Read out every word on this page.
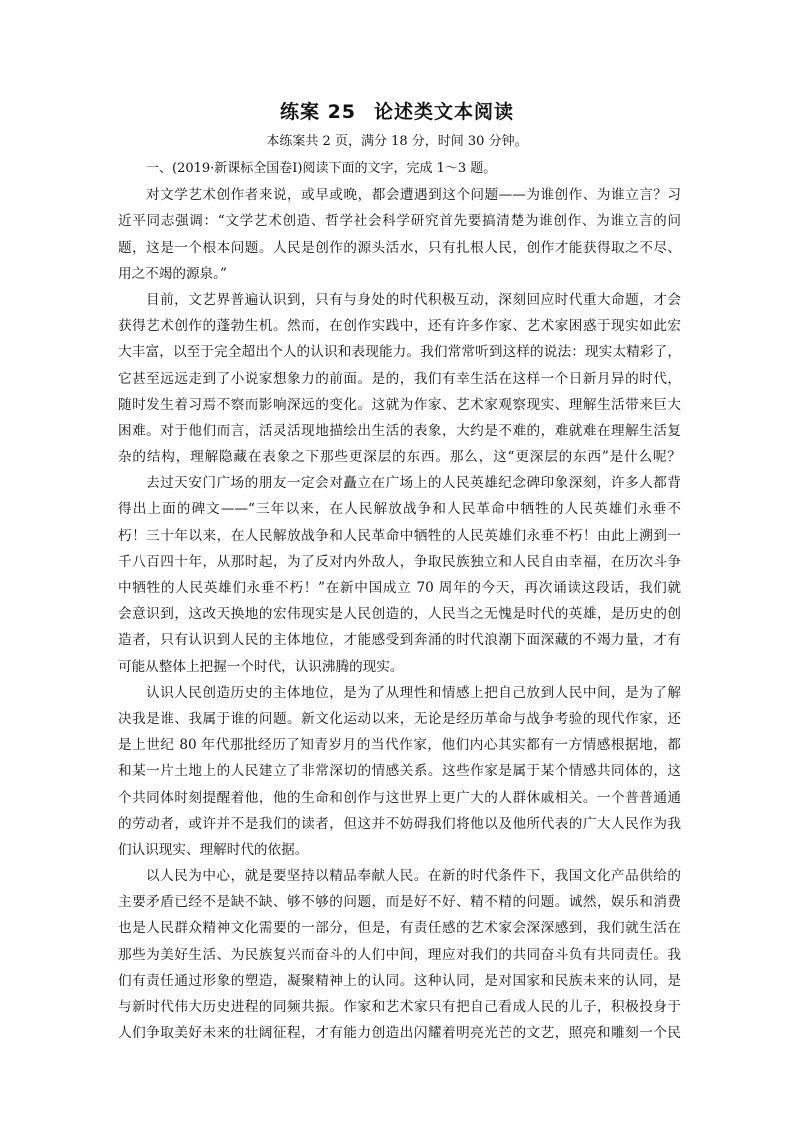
练案 25 论述类文本阅读
本练案共 2 页，满分 18 分，时间 30 分钟。
一、(2019·新课标全国卷Ⅰ)阅读下面的文字，完成 1～3 题。
对文学艺术创作者来说，或早或晚，都会遭遇到这个问题——为谁创作、为谁立言？习
近平同志强调：“文学艺术创造、哲学社会科学研究首先要搞清楚为谁创作、为谁立言的问
题，这是一个根本问题。人民是创作的源头活水，只有扎根人民，创作才能获得取之不尽、
用之不竭的源泉。”
目前，文艺界普遍认识到，只有与身处的时代积极互动，深刻回应时代重大命题，才会
获得艺术创作的蓬勃生机。然而，在创作实践中，还有许多作家、艺术家困惑于现实如此宏
大丰富，以至于完全超出个人的认识和表现能力。我们常常听到这样的说法：现实太精彩了，
它甚至远远走到了小说家想象力的前面。是的，我们有幸生活在这样一个日新月异的时代，
随时发生着习焉不察而影响深远的变化。这就为作家、艺术家观察现实、理解生活带来巨大
困难。对于他们而言，活灵活现地描绘出生活的表象，大约是不难的，难就难在理解生活复
杂的结构，理解隐藏在表象之下那些更深层的东西。那么，这“更深层的东西”是什么呢？
去过天安门广场的朋友一定会对矗立在广场上的人民英雄纪念碑印象深刻，许多人都背
得出上面的碑文——“三年以来，在人民解放战争和人民革命中牺牲的人民英雄们永垂不
朽！三十年以来，在人民解放战争和人民革命中牺牲的人民英雄们永垂不朽！由此上溯到一
千八百四十年，从那时起，为了反对内外敌人，争取民族独立和人民自由幸福，在历次斗争
中牺牲的人民英雄们永垂不朽！”在新中国成立 70 周年的今天，再次诵读这段话，我们就
会意识到，这改天换地的宏伟现实是人民创造的，人民当之无愧是时代的英雄，是历史的创
造者，只有认识到人民的主体地位，才能感受到奔涌的时代浪潮下面深藏的不竭力量，才有
可能从整体上把握一个时代，认识沸腾的现实。
认识人民创造历史的主体地位，是为了从理性和情感上把自己放到人民中间，是为了解
决我是谁、我属于谁的问题。新文化运动以来，无论是经历革命与战争考验的现代作家，还
是上世纪 80 年代那批经历了知青岁月的当代作家，他们内心其实都有一方情感根据地，都
和某一片土地上的人民建立了非常深切的情感关系。这些作家是属于某个情感共同体的，这
个共同体时刻提醒着他，他的生命和创作与这世界上更广大的人群休戚相关。一个普普通通
的劳动者，或许并不是我们的读者，但这并不妨碍我们将他以及他所代表的广大人民作为我
们认识现实、理解时代的依据。
以人民为中心，就是要坚持以精品奉献人民。在新的时代条件下，我国文化产品供给的
主要矛盾已经不是缺不缺、够不够的问题，而是好不好、精不精的问题。诚然，娱乐和消费
也是人民群众精神文化需要的一部分，但是，有责任感的艺术家会深深感到，我们就生活在
那些为美好生活、为民族复兴而奋斗的人们中间，理应对我们的共同奋斗负有共同责任。我
们有责任通过形象的塑造，凝聚精神上的认同。这种认同，是对国家和民族未来的认同，是
与新时代伟大历史进程的同频共振。作家和艺术家只有把自己看成人民的儿子，积极投身于
人们争取美好未来的壮阔征程，才有能力创造出闪耀着明亮光芒的文艺，照亮和雕刻一个民
